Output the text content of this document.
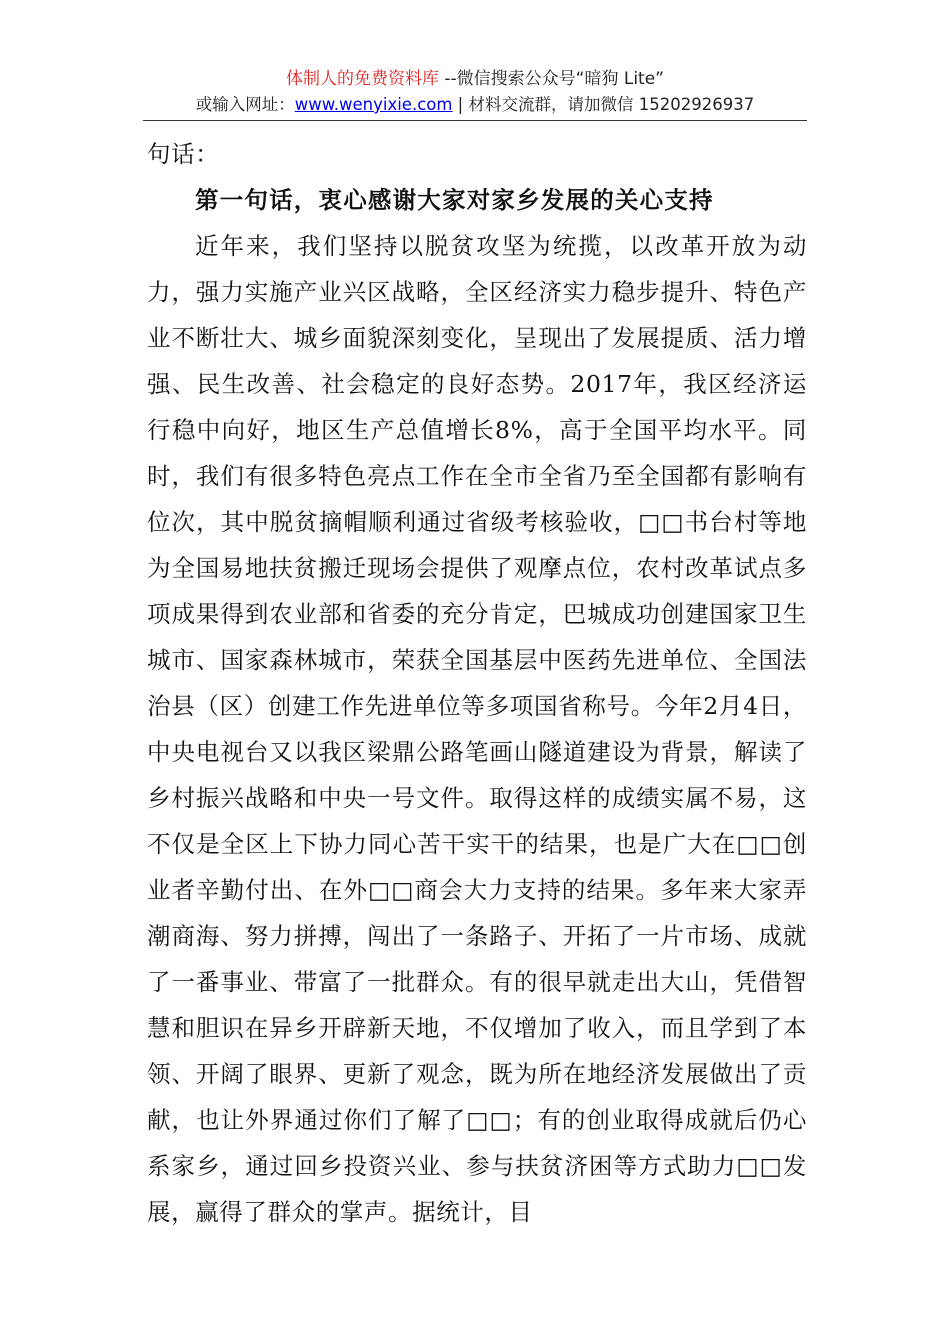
体制人的免费资料库 --微信搜索公众号“暗狗 Lite”
或输入网址：www.wenyixie.com | 材料交流群，请加微信 15202926937

句话：

第一句话，衷心感谢大家对家乡发展的关心支持

近年来，我们坚持以脱贫攻坚为统揽，以改革开放为动力，强力实施产业兴区战略，全区经济实力稳步提升、特色产业不断壮大、城乡面貌深刻变化，呈现出了发展提质、活力增强、民生改善、社会稳定的良好态势。2017年，我区经济运行稳中向好，地区生产总值增长8%，高于全国平均水平。同时，我们有很多特色亮点工作在全市全省乃至全国都有影响有位次，其中脱贫摘帽顺利通过省级考核验收，□□书台村等地为全国易地扶贫搬迁现场会提供了观摩点位，农村改革试点多项成果得到农业部和省委的充分肯定，巴城成功创建国家卫生城市、国家森林城市，荣获全国基层中医药先进单位、全国法治县（区）创建工作先进单位等多项国省称号。今年2月4日，中央电视台又以我区梁鼎公路笔画山隧道建设为背景，解读了乡村振兴战略和中央一号文件。取得这样的成绩实属不易，这不仅是全区上下协力同心苦干实干的结果，也是广大在□□创业者辛勤付出、在外□□商会大力支持的结果。多年来大家弄潮商海、努力拼搏，闯出了一条路子、开拓了一片市场、成就了一番事业、带富了一批群众。有的很早就走出大山，凭借智慧和胆识在异乡开辟新天地，不仅增加了收入，而且学到了本领、开阔了眼界、更新了观念，既为所在地经济发展做出了贡献，也让外界通过你们了解了□□；有的创业取得成就后仍心系家乡，通过回乡投资兴业、参与扶贫济困等方式助力□□发展，赢得了群众的掌声。据统计，目
